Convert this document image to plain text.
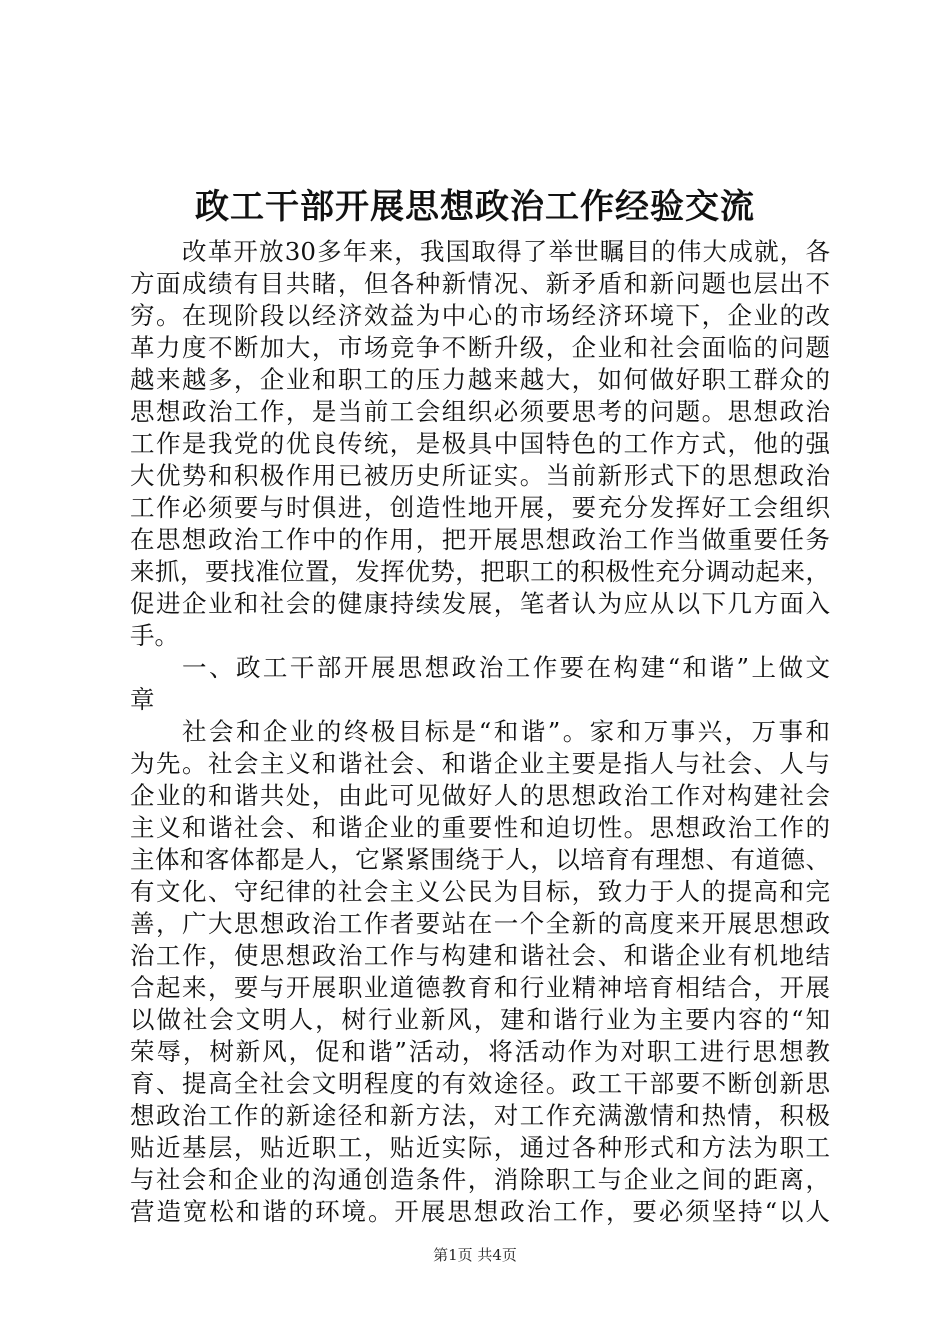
政工干部开展思想政治工作经验交流
改革开放30多年来，我国取得了举世瞩目的伟大成就，各
方面成绩有目共睹，但各种新情况、新矛盾和新问题也层出不
穷。在现阶段以经济效益为中心的市场经济环境下，企业的改
革力度不断加大，市场竞争不断升级，企业和社会面临的问题
越来越多，企业和职工的压力越来越大，如何做好职工群众的
思想政治工作，是当前工会组织必须要思考的问题。思想政治
工作是我党的优良传统，是极具中国特色的工作方式，他的强
大优势和积极作用已被历史所证实。当前新形式下的思想政治
工作必须要与时俱进，创造性地开展，要充分发挥好工会组织
在思想政治工作中的作用，把开展思想政治工作当做重要任务
来抓，要找准位置，发挥优势，把职工的积极性充分调动起来，
促进企业和社会的健康持续发展，笔者认为应从以下几方面入
手。
一、政工干部开展思想政治工作要在构建“和谐”上做文
章
社会和企业的终极目标是“和谐”。家和万事兴，万事和
为先。社会主义和谐社会、和谐企业主要是指人与社会、人与
企业的和谐共处，由此可见做好人的思想政治工作对构建社会
主义和谐社会、和谐企业的重要性和迫切性。思想政治工作的
主体和客体都是人，它紧紧围绕于人，以培育有理想、有道德、
有文化、守纪律的社会主义公民为目标，致力于人的提高和完
善，广大思想政治工作者要站在一个全新的高度来开展思想政
治工作，使思想政治工作与构建和谐社会、和谐企业有机地结
合起来，要与开展职业道德教育和行业精神培育相结合，开展
以做社会文明人，树行业新风，建和谐行业为主要内容的“知
荣辱，树新风，促和谐”活动，将活动作为对职工进行思想教
育、提高全社会文明程度的有效途径。政工干部要不断创新思
想政治工作的新途径和新方法，对工作充满激情和热情，积极
贴近基层，贴近职工，贴近实际，通过各种形式和方法为职工
与社会和企业的沟通创造条件，消除职工与企业之间的距离，
营造宽松和谐的环境。开展思想政治工作，要必须坚持“以人
第1页 共4页
